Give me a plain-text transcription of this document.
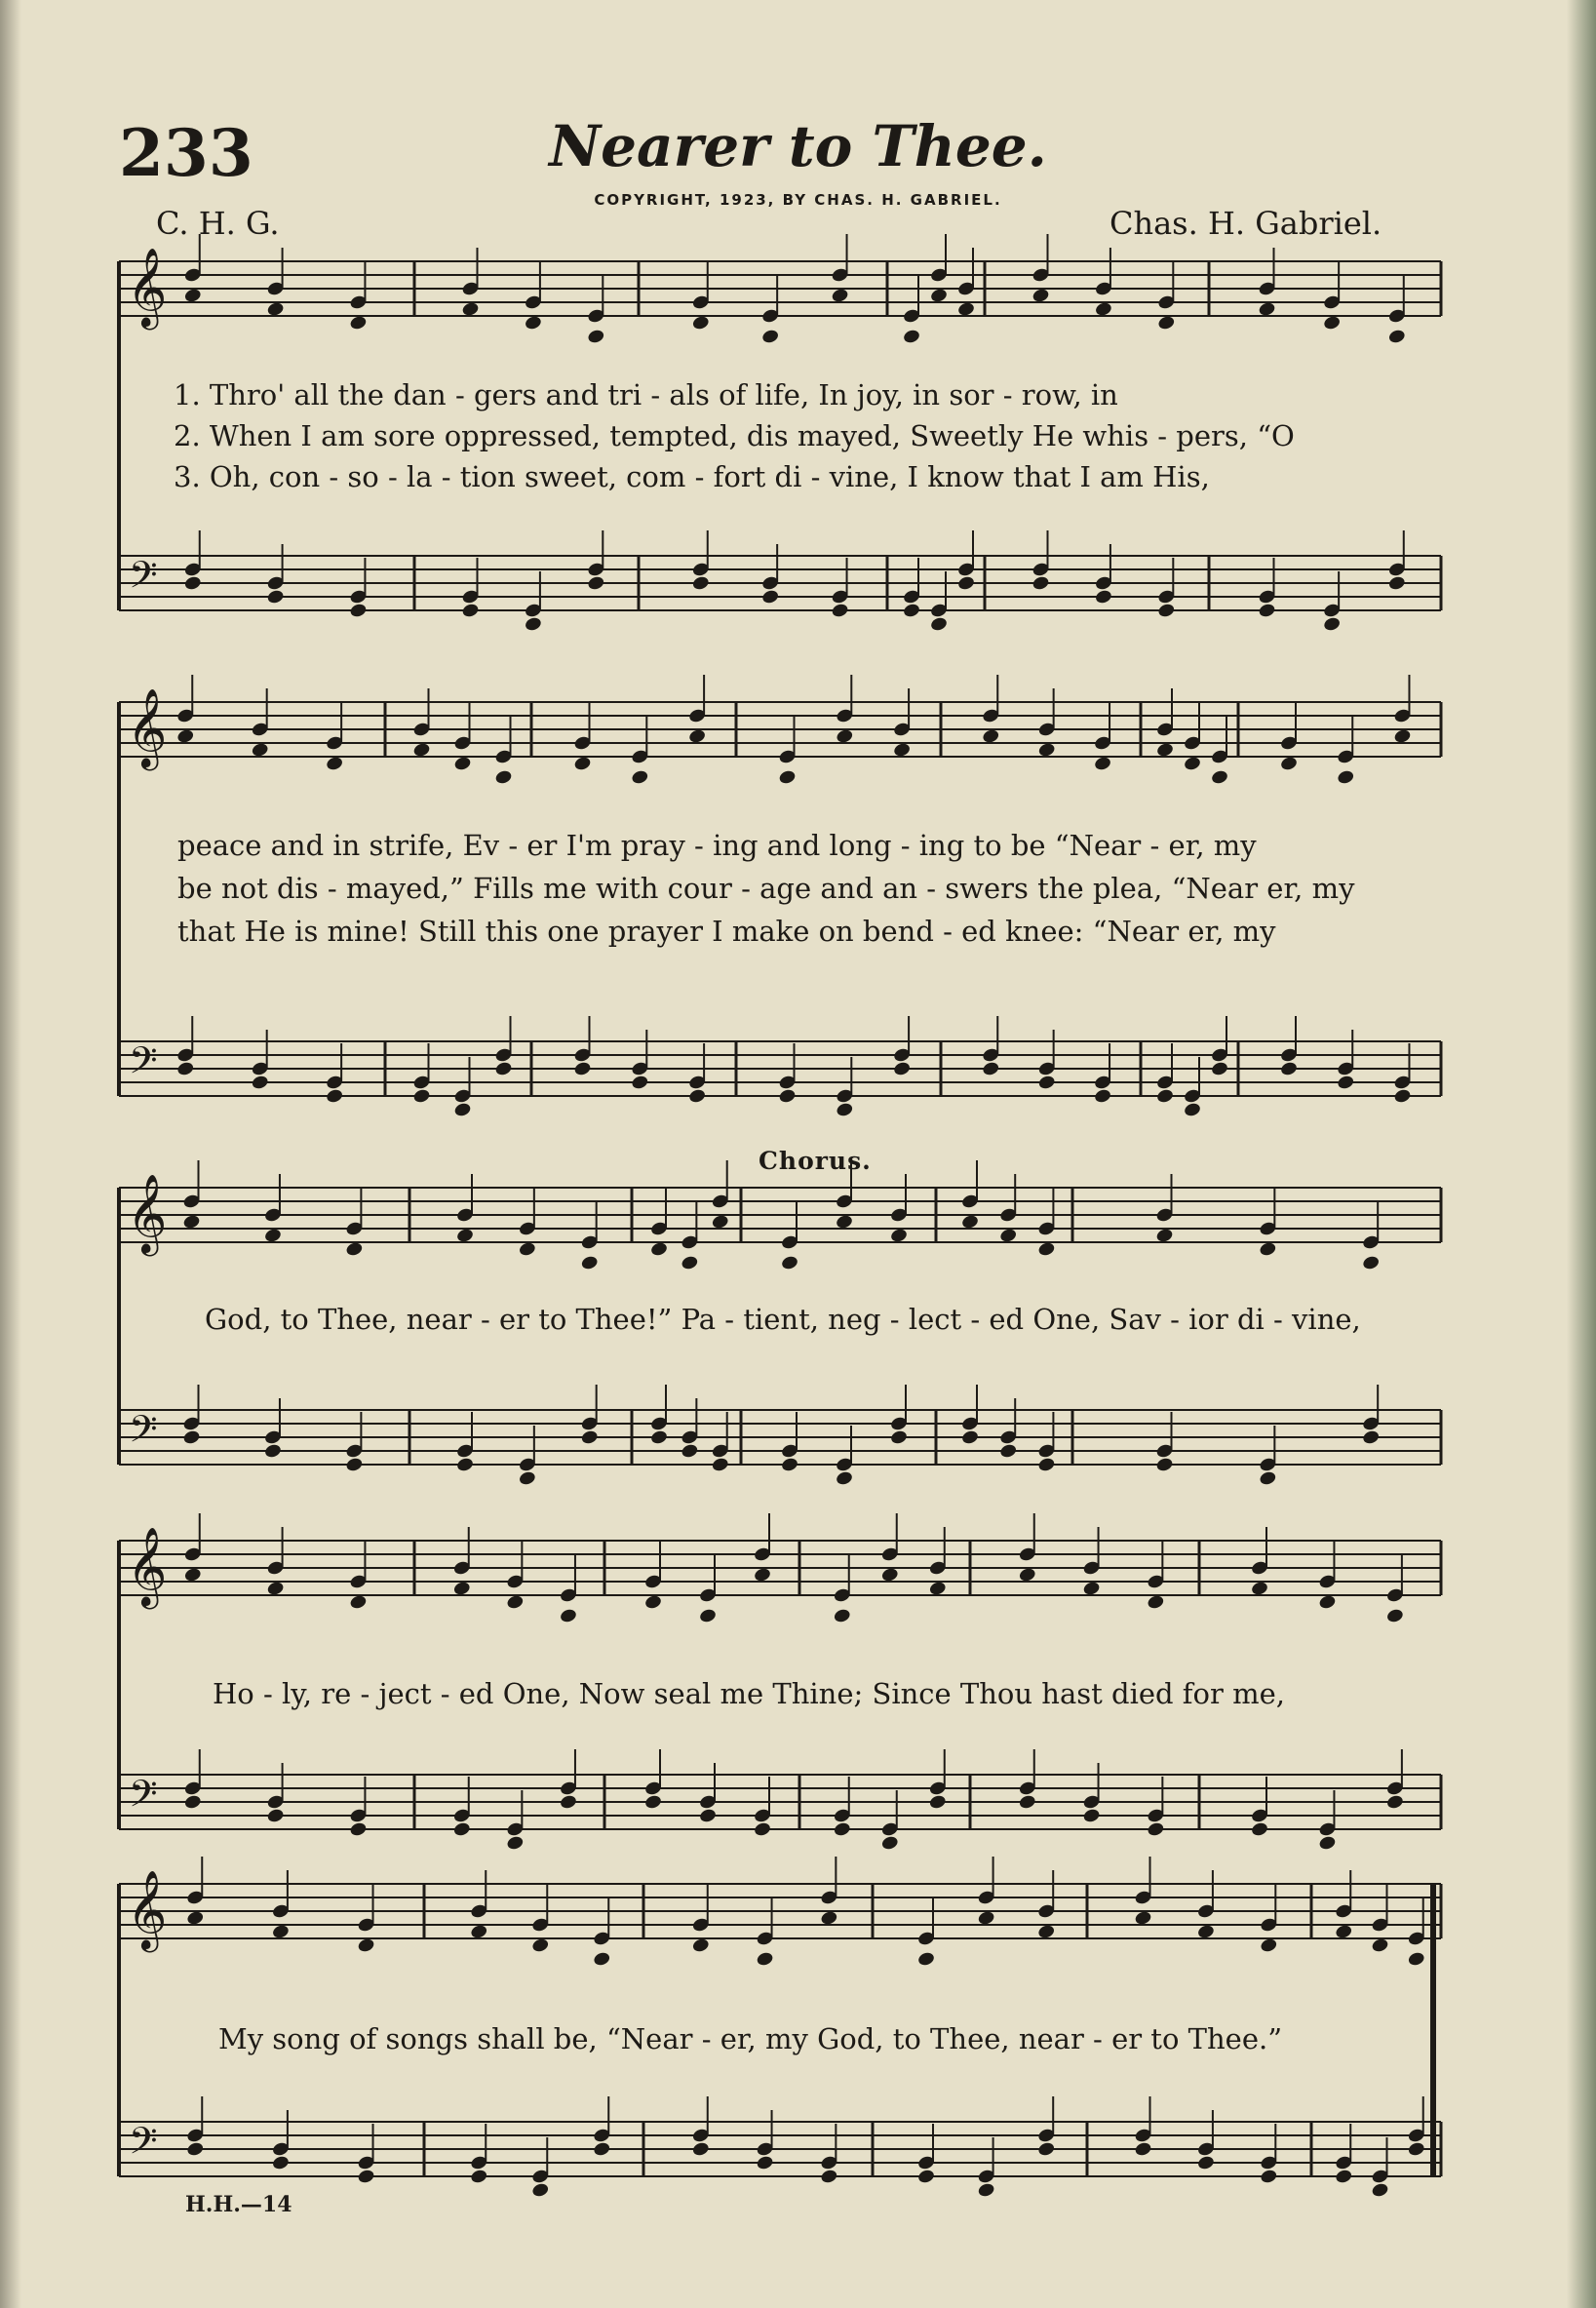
𝄞
𝄢
𝄞
𝄢
𝄞
𝄢
𝄞
𝄢
𝄞
𝄢
233	Nearer to Thee.
COPYRIGHT, 1923, BY CHAS. H. GABRIEL.
C. H. G.	Chas. H. Gabriel.
1. Thro' all the dan - gers and tri - als of life, In joy, in sor - row, in
2. When I am sore oppressed, tempted, dis mayed, Sweetly He whis - pers, “O
3. Oh, con - so - la - tion sweet, com - fort di - vine, I know that I am His,
peace and in strife, Ev - er I'm pray - ing and long - ing to be “Near - er, my
be not dis - mayed,” Fills me with cour - age and an - swers the plea, “Near er, my
that He is mine! Still this one prayer I make on bend - ed knee: “Near er, my
Chorus.
God, to Thee, near - er to Thee!” Pa - tient, neg - lect - ed One, Sav - ior di - vine,
Ho - ly, re - ject - ed One, Now seal me Thine; Since Thou hast died for me,
My song of songs shall be, “Near - er, my God, to Thee, near - er to Thee.”
H.H.—14
